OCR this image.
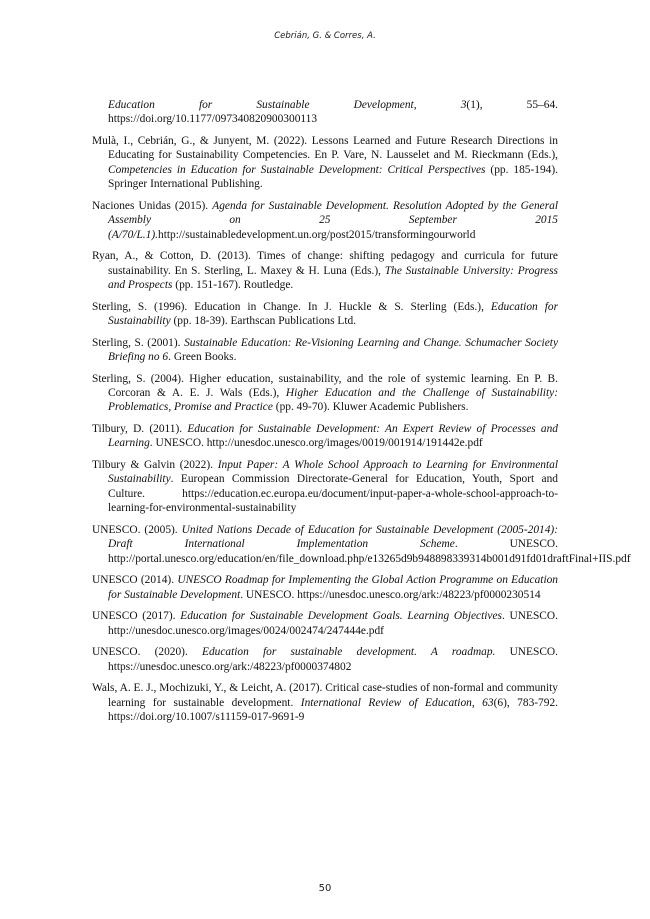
Cebrián, G. & Corres, A.

Education for Sustainable Development, 3(1), 55–64. https://doi.org/10.1177/097340820900300113

Mulà, I., Cebrián, G., & Junyent, M. (2022). Lessons Learned and Future Research Directions in Educating for Sustainability Competencies. En P. Vare, N. Lausselet and M. Rieckmann (Eds.), Competencies in Education for Sustainable Development: Critical Perspectives (pp. 185-194). Springer International Publishing.

Naciones Unidas (2015). Agenda for Sustainable Development. Resolution Adopted by the General Assembly on 25 September 2015 (A/70/L.1).http://sustainabledevelopment.un.org/post2015/transformingourworld

Ryan, A., & Cotton, D. (2013). Times of change: shifting pedagogy and curricula for future sustainability. En S. Sterling, L. Maxey & H. Luna (Eds.), The Sustainable University: Progress and Prospects (pp. 151-167). Routledge.

Sterling, S. (1996). Education in Change. In J. Huckle & S. Sterling (Eds.), Education for Sustainability (pp. 18-39). Earthscan Publications Ltd.

Sterling, S. (2001). Sustainable Education: Re-Visioning Learning and Change. Schumacher Society Briefing no 6. Green Books.

Sterling, S. (2004). Higher education, sustainability, and the role of systemic learning. En P. B. Corcoran & A. E. J. Wals (Eds.), Higher Education and the Challenge of Sustainability: Problematics, Promise and Practice (pp. 49-70). Kluwer Academic Publishers.

Tilbury, D. (2011). Education for Sustainable Development: An Expert Review of Processes and Learning. UNESCO. http://unesdoc.unesco.org/images/0019/001914/191442e.pdf

Tilbury & Galvin (2022). Input Paper: A Whole School Approach to Learning for Environmental Sustainability. European Commission Directorate-General for Education, Youth, Sport and Culture. https://education.ec.europa.eu/document/input-paper-a-whole-school-approach-to-learning-for-environmental-sustainability

UNESCO. (2005). United Nations Decade of Education for Sustainable Development (2005-2014): Draft International Implementation Scheme. UNESCO. http://portal.unesco.org/education/en/file_download.php/e13265d9b948898339314b001d91fd01draftFinal+IIS.pdf

UNESCO (2014). UNESCO Roadmap for Implementing the Global Action Programme on Education for Sustainable Development. UNESCO. https://unesdoc.unesco.org/ark:/48223/pf0000230514

UNESCO (2017). Education for Sustainable Development Goals. Learning Objectives. UNESCO. http://unesdoc.unesco.org/images/0024/002474/247444e.pdf

UNESCO. (2020). Education for sustainable development. A roadmap. UNESCO. https://unesdoc.unesco.org/ark:/48223/pf0000374802

Wals, A. E. J., Mochizuki, Y., & Leicht, A. (2017). Critical case-studies of non-formal and community learning for sustainable development. International Review of Education, 63(6), 783-792. https://doi.org/10.1007/s11159-017-9691-9

50
